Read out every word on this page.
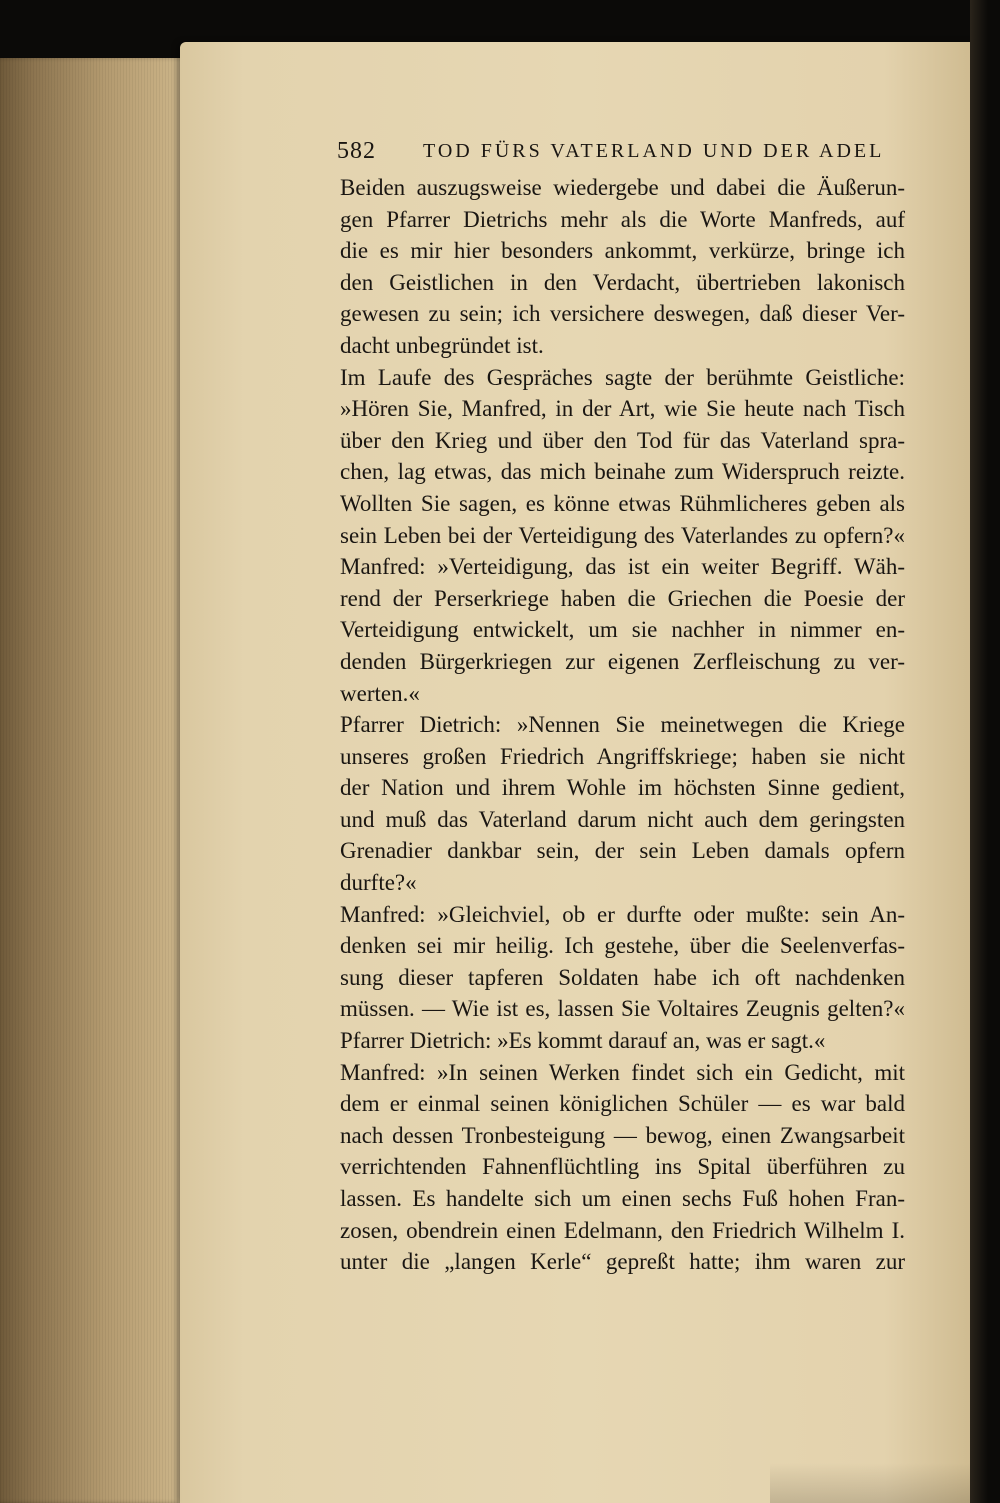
582 TOD FÜRS VATERLAND UND DER ADEL
Beiden auszugsweise wiedergebe und dabei die Äußerun-
gen Pfarrer Dietrichs mehr als die Worte Manfreds, auf
die es mir hier besonders ankommt, verkürze, bringe ich
den Geistlichen in den Verdacht, übertrieben lakonisch
gewesen zu sein; ich versichere deswegen, daß dieser Ver-
dacht unbegründet ist.
Im Laufe des Gespräches sagte der berühmte Geistliche:
»Hören Sie, Manfred, in der Art, wie Sie heute nach Tisch
über den Krieg und über den Tod für das Vaterland spra-
chen, lag etwas, das mich beinahe zum Widerspruch reizte.
Wollten Sie sagen, es könne etwas Rühmlicheres geben als
sein Leben bei der Verteidigung des Vaterlandes zu opfern?«
Manfred: »Verteidigung, das ist ein weiter Begriff. Wäh-
rend der Perserkriege haben die Griechen die Poesie der
Verteidigung entwickelt, um sie nachher in nimmer en-
denden Bürgerkriegen zur eigenen Zerfleischung zu ver-
werten.«
Pfarrer Dietrich: »Nennen Sie meinetwegen die Kriege
unseres großen Friedrich Angriffskriege; haben sie nicht
der Nation und ihrem Wohle im höchsten Sinne gedient,
und muß das Vaterland darum nicht auch dem geringsten
Grenadier dankbar sein, der sein Leben damals opfern
durfte?«
Manfred: »Gleichviel, ob er durfte oder mußte: sein An-
denken sei mir heilig. Ich gestehe, über die Seelenverfas-
sung dieser tapferen Soldaten habe ich oft nachdenken
müssen. — Wie ist es, lassen Sie Voltaires Zeugnis gelten?«
Pfarrer Dietrich: »Es kommt darauf an, was er sagt.«
Manfred: »In seinen Werken findet sich ein Gedicht, mit
dem er einmal seinen königlichen Schüler — es war bald
nach dessen Tronbesteigung — bewog, einen Zwangsarbeit
verrichtenden Fahnenflüchtling ins Spital überführen zu
lassen. Es handelte sich um einen sechs Fuß hohen Fran-
zosen, obendrein einen Edelmann, den Friedrich Wilhelm I.
unter die „langen Kerle“ gepreßt hatte; ihm waren zur
